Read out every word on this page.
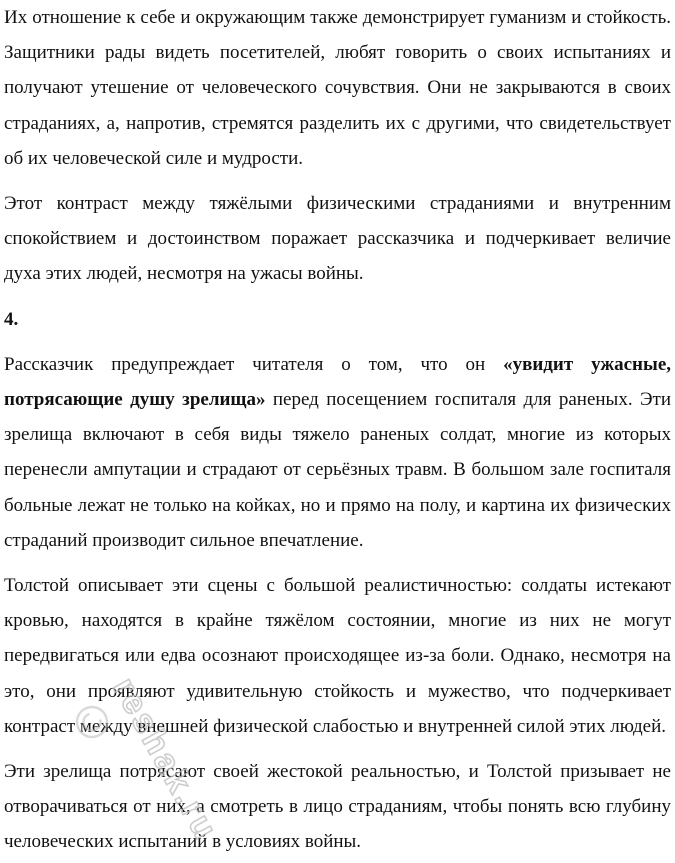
Их отношение к себе и окружающим также демонстрирует гуманизм и стойкость. Защитники рады видеть посетителей, любят говорить о своих испытаниях и получают утешение от человеческого сочувствия. Они не закрываются в своих страданиях, а, напротив, стремятся разделить их с другими, что свидетельствует об их человеческой силе и мудрости.

Этот контраст между тяжёлыми физическими страданиями и внутренним спокойствием и достоинством поражает рассказчика и подчеркивает величие духа этих людей, несмотря на ужасы войны.

4.

Рассказчик предупреждает читателя о том, что он «увидит ужасные, потрясающие душу зрелища» перед посещением госпиталя для раненых. Эти зрелища включают в себя виды тяжело раненых солдат, многие из которых перенесли ампутации и страдают от серьёзных травм. В большом зале госпиталя больные лежат не только на койках, но и прямо на полу, и картина их физических страданий производит сильное впечатление.

Толстой описывает эти сцены с большой реалистичностью: солдаты истекают кровью, находятся в крайне тяжёлом состоянии, многие из них не могут передвигаться или едва осознают происходящее из-за боли. Однако, несмотря на это, они проявляют удивительную стойкость и мужество, что подчеркивает контраст между внешней физической слабостью и внутренней силой этих людей.

Эти зрелища потрясают своей жестокой реальностью, и Толстой призывает не отворачиваться от них, а смотреть в лицо страданиям, чтобы понять всю глубину человеческих испытаний в условиях войны.

reshak.ru
